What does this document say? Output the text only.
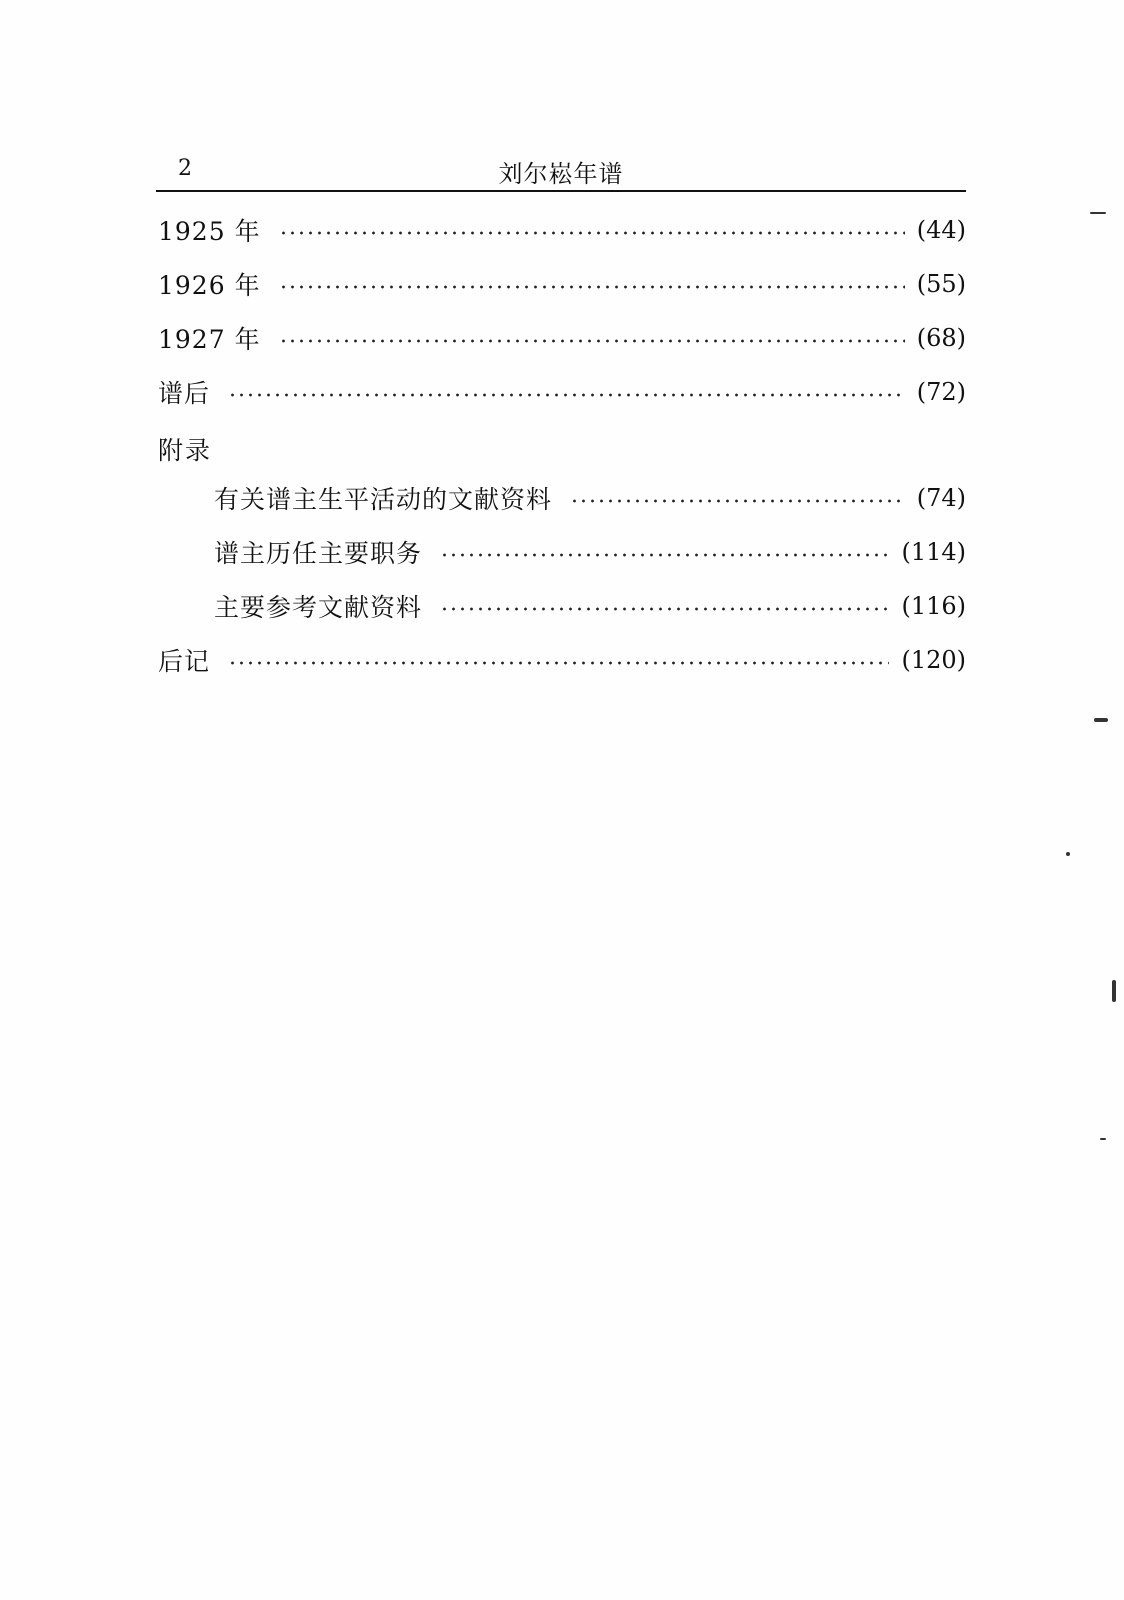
2	刘尔崧年谱
1925 年	(44)
1926 年	(55)
1927 年	(68)
谱后	(72)
附录
有关谱主生平活动的文献资料	(74)
谱主历任主要职务	(114)
主要参考文献资料	(116)
后记	(120)
